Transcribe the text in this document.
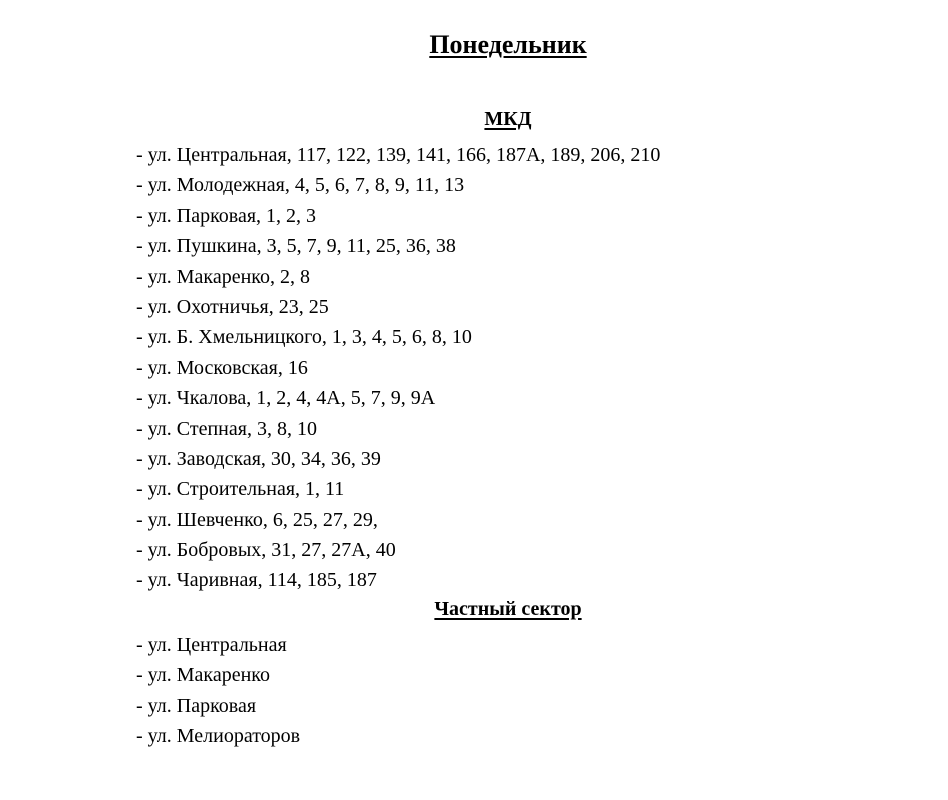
Понедельник
МКД
- ул. Центральная, 117, 122, 139, 141, 166, 187А, 189, 206, 210
- ул. Молодежная, 4, 5, 6, 7, 8, 9, 11, 13
- ул. Парковая, 1, 2, 3
- ул. Пушкина, 3, 5, 7, 9, 11, 25, 36, 38
- ул. Макаренко, 2, 8
- ул. Охотничья, 23, 25
- ул. Б. Хмельницкого, 1, 3, 4, 5, 6, 8, 10
- ул. Московская, 16
- ул. Чкалова, 1, 2, 4, 4А, 5, 7, 9, 9А
- ул. Степная, 3, 8, 10
- ул. Заводская, 30, 34, 36, 39
- ул. Строительная, 1, 11
- ул. Шевченко, 6, 25, 27, 29,
- ул. Бобровых, 31, 27, 27А, 40
- ул. Чаривная, 114, 185, 187
Частный сектор
- ул. Центральная
- ул. Макаренко
- ул. Парковая
- ул. Мелиораторов
